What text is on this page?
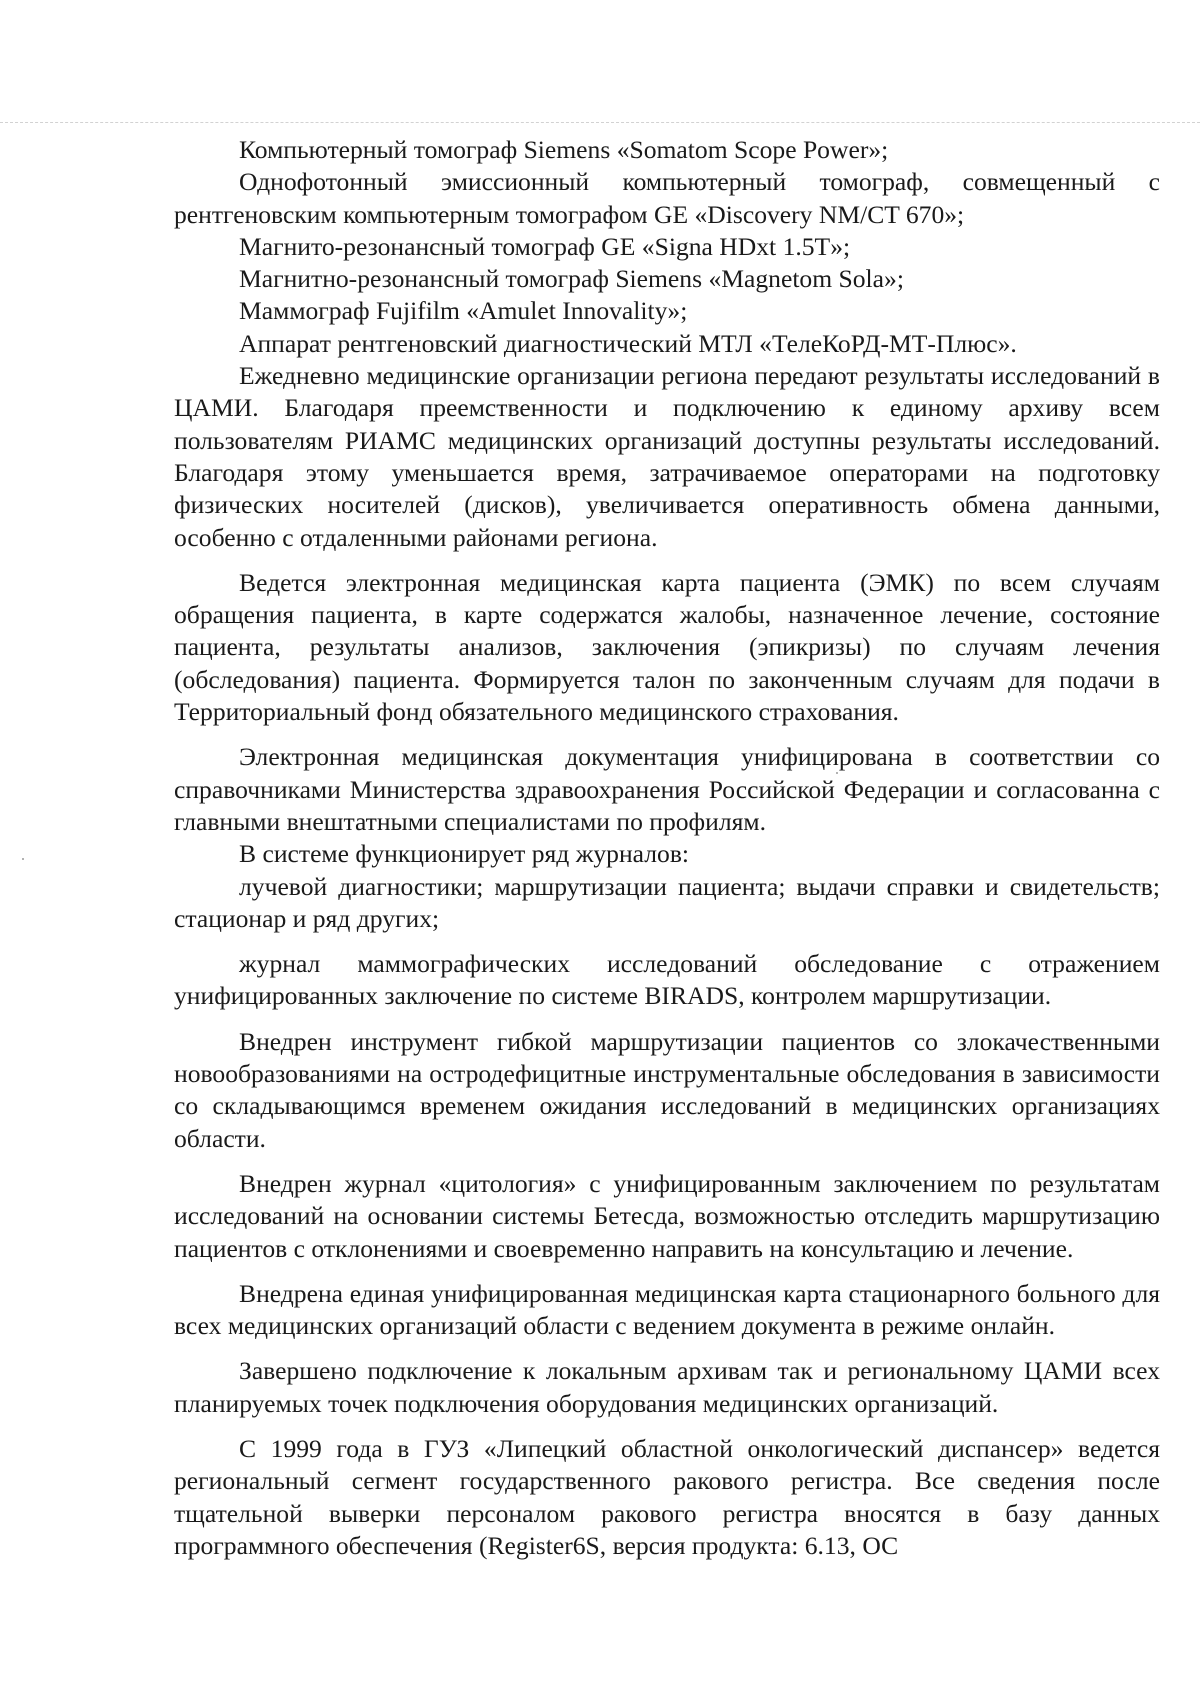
Компьютерный томограф Siemens «Somatom Scope Power»;

Однофотонный эмиссионный компьютерный томограф, совмещенный с рентгеновским компьютерным томографом GE «Discovery NM/CT 670»;

Магнито-резонансный томограф GE «Signa HDxt 1.5T»;

Магнитно-резонансный томограф Siemens «Magnetom Sola»;

Маммограф Fujifilm «Amulet Innovality»;

Аппарат рентгеновский диагностический МТЛ «ТелеКоРД-МТ-Плюс».

Ежедневно медицинские организации региона передают результаты исследований в ЦАМИ. Благодаря преемственности и подключению к единому архиву всем пользователям РИАМС медицинских организаций доступны результаты исследований. Благодаря этому уменьшается время, затрачиваемое операторами на подготовку физических носителей (дисков), увеличивается оперативность обмена данными, особенно с отдаленными районами региона.

Ведется электронная медицинская карта пациента (ЭМК) по всем случаям обращения пациента, в карте содержатся жалобы, назначенное лечение, состояние пациента, результаты анализов, заключения (эпикризы) по случаям лечения (обследования) пациента. Формируется талон по законченным случаям для подачи в Территориальный фонд обязательного медицинского страхования.

Электронная медицинская документация унифицирована в соответствии со справочниками Министерства здравоохранения Российской Федерации и согласованна с главными внештатными специалистами по профилям.

В системе функционирует ряд журналов:

лучевой диагностики; маршрутизации пациента; выдачи справки и свидетельств; стационар и ряд других;

журнал маммографических исследований обследование с отражением унифицированных заключение по системе BIRADS, контролем маршрутизации.

Внедрен инструмент гибкой маршрутизации пациентов со злокачественными новообразованиями на остродефицитные инструментальные обследования в зависимости со складывающимся временем ожидания исследований в медицинских организациях области.

Внедрен журнал «цитология» с унифицированным заключением по результатам исследований на основании системы Бетесда, возможностью отследить маршрутизацию пациентов с отклонениями и своевременно направить на консультацию и лечение.

Внедрена единая унифицированная медицинская карта стационарного больного для всех медицинских организаций области с ведением документа в режиме онлайн.

Завершено подключение к локальным архивам так и региональному ЦАМИ всех планируемых точек подключения оборудования медицинских организаций.

С 1999 года в ГУЗ «Липецкий областной онкологический диспансер» ведется региональный сегмент государственного ракового регистра. Все сведения после тщательной выверки персоналом ракового регистра вносятся в базу данных программного обеспечения (Register6S, версия продукта: 6.13, ОС
